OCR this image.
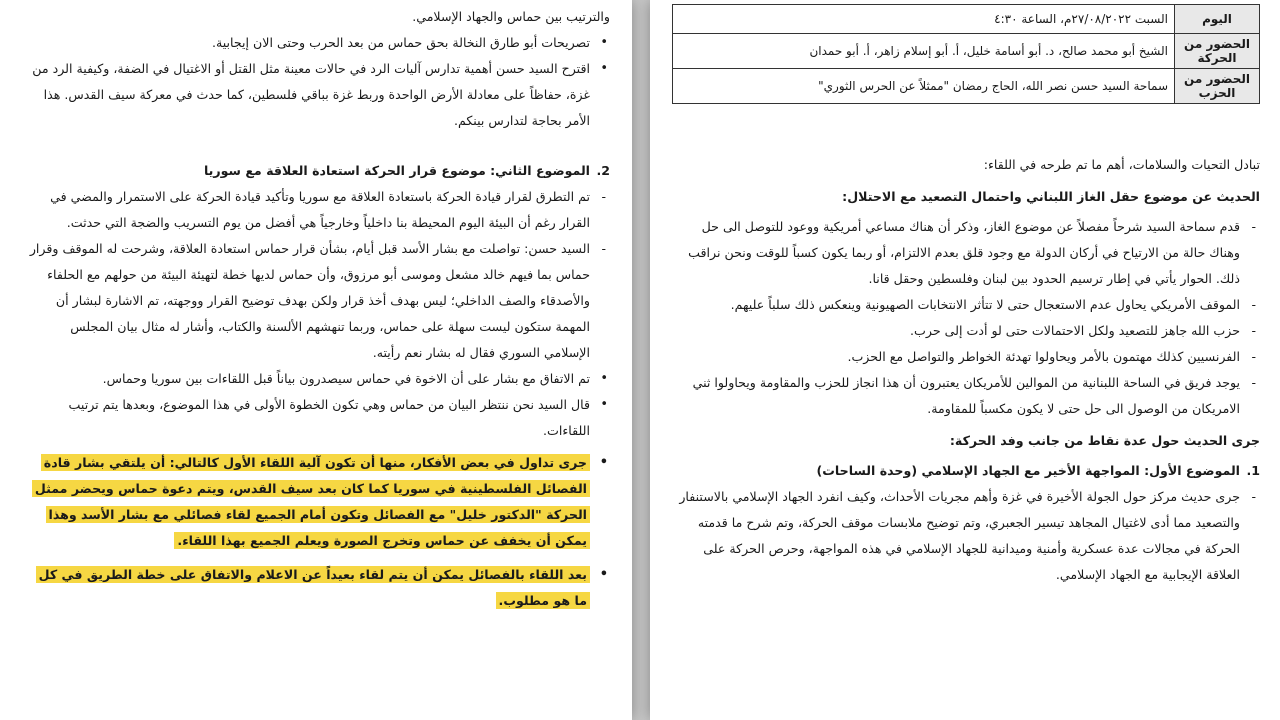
والترتيب بين حماس والجهاد الإسلامي.

• تصريحات أبو طارق النخالة بحق حماس من بعد الحرب وحتى الان إيجابية.

• اقترح السيد حسن أهمية تدارس آليات الرد في حالات معينة مثل القتل أو الاغتيال في الضفة، وكيفية الرد من غزة، حفاظاً على معادلة الأرض الواحدة وربط غزة بباقي فلسطين، كما حدث في معركة سيف القدس. هذا الأمر بحاجة لتدارس بينكم.

2.
الموضوع الثاني: موضوع قرار الحركة استعادة العلاقة مع سوريا

- تم التطرق لقرار قيادة الحركة باستعادة العلاقة مع سوريا وتأكيد قيادة الحركة على الاستمرار والمضي في القرار رغم أن البيئة اليوم المحيطة بنا داخلياً وخارجياً هي أفضل من يوم التسريب والضجة التي حدثت.

- السيد حسن: تواصلت مع بشار الأسد قبل أيام، بشأن قرار حماس استعادة العلاقة، وشرحت له الموقف وقرار حماس بما فيهم خالد مشعل وموسى أبو مرزوق، وأن حماس لديها خطة لتهيئة البيئة من حولهم مع الحلفاء والأصدقاء والصف الداخلي؛ ليس بهدف أخذ قرار ولكن بهدف توضيح القرار ووجهته، تم الاشارة لبشار أن المهمة ستكون ليست سهلة على حماس، وربما تنهشهم الألسنة والكتاب، وأشار له مثال بيان المجلس الإسلامي السوري فقال له بشار نعم رأيته.

• تم الاتفاق مع بشار على أن الاخوة في حماس سيصدرون بياناً قبل اللقاءات بين سوريا وحماس.

• قال السيد نحن ننتظر البيان من حماس وهي تكون الخطوة الأولى في هذا الموضوع، وبعدها يتم ترتيب اللقاءات.

• جرى تداول في بعض الأفكار، منها أن تكون آلية اللقاء الأول كالتالي: أن يلتقي بشار قادة الفصائل الفلسطينية في سوريا كما كان بعد سيف القدس، ويتم دعوة حماس ويحضر ممثل الحركة "الدكتور خليل" مع الفصائل وتكون أمام الجميع لقاء فصائلي مع بشار الأسد وهذا يمكن أن يخفف عن حماس وتخرج الصورة ويعلم الجميع بهذا اللقاء.

• بعد اللقاء بالفصائل يمكن أن يتم لقاء بعيداً عن الاعلام والاتفاق على خطة الطريق في كل ما هو مطلوب.

اليوم	السبت ٢٧/٠٨/٢٠٢٢م، الساعة ٤:٣٠
الحضور من الحركة	الشيخ أبو محمد صالح، د. أبو أسامة خليل، أ. أبو إسلام زاهر، أ. أبو حمدان
الحضور من الحزب	سماحة السيد حسن نصر الله، الحاج رمضان "ممثلاً عن الحرس الثوري"

تبادل التحيات والسلامات، أهم ما تم طرحه في اللقاء:

الحديث عن موضوع حقل الغاز اللبناني واحتمال التصعيد مع الاحتلال:

- قدم سماحة السيد شرحاً مفصلاً عن موضوع الغاز، وذكر أن هناك مساعي أمريكية ووعود للتوصل الى حل وهناك حالة من الارتياح في أركان الدولة مع وجود قلق بعدم الالتزام، أو ربما يكون كسباً للوقت ونحن نراقب ذلك. الحوار يأتي في إطار ترسيم الحدود بين لبنان وفلسطين وحقل قانا.

- الموقف الأمريكي يحاول عدم الاستعجال حتى لا تتأثر الانتخابات الصهيونية وينعكس ذلك سلباً عليهم.

- حزب الله جاهز للتصعيد ولكل الاحتمالات حتى لو أدت إلى حرب.

- الفرنسيين كذلك مهتمون بالأمر ويحاولوا تهدئة الخواطر والتواصل مع الحزب.

- يوجد فريق في الساحة اللبنانية من الموالين للأمريكان يعتبرون أن هذا انجاز للحزب والمقاومة ويحاولوا ثني الامريكان من الوصول الى حل حتى لا يكون مكسباً للمقاومة.

جرى الحديث حول عدة نقاط من جانب وفد الحركة:

1.
الموضوع الأول: المواجهة الأخير مع الجهاد الإسلامي (وحدة الساحات)

- جرى حديث مركز حول الجولة الأخيرة في غزة وأهم مجريات الأحداث، وكيف انفرد الجهاد الإسلامي بالاستنفار والتصعيد مما أدى لاغتيال المجاهد تيسير الجعبري، وتم توضيح ملابسات موقف الحركة، وتم شرح ما قدمته الحركة في مجالات عدة عسكرية وأمنية وميدانية للجهاد الإسلامي في هذه المواجهة، وحرص الحركة على العلاقة الإيجابية مع الجهاد الإسلامي.
